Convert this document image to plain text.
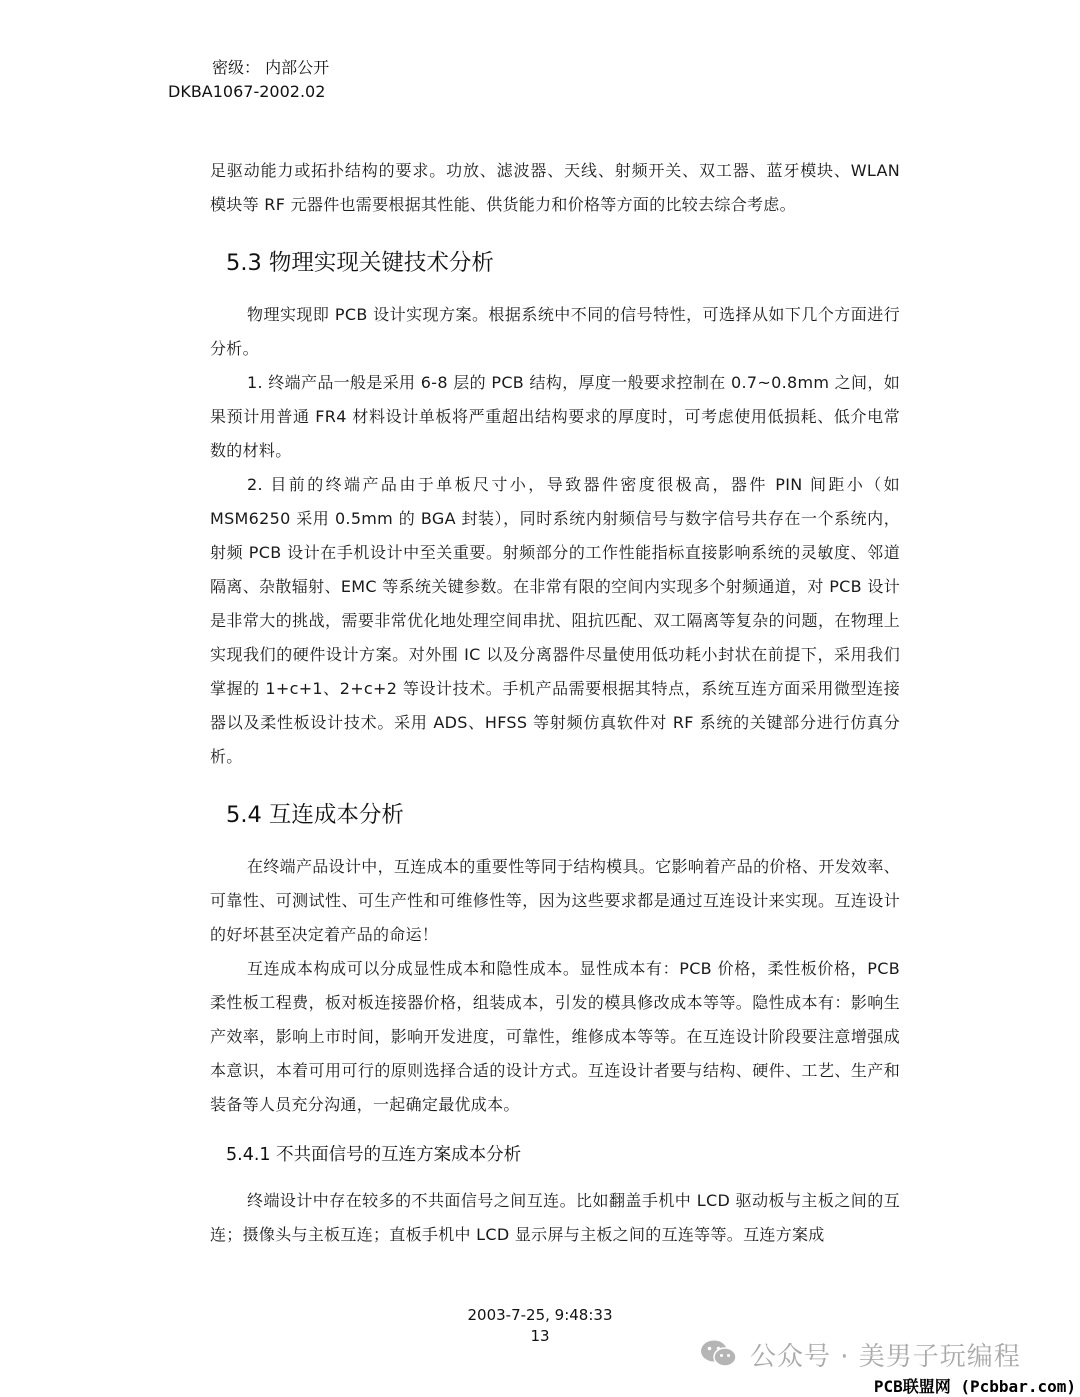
密级： 内部公开
DKBA1067-2002.02

足驱动能力或拓扑结构的要求。功放、滤波器、天线、射频开关、双工器、蓝牙模块、WLAN 模块等 RF 元器件也需要根据其性能、供货能力和价格等方面的比较去综合考虑。

5.3 物理实现关键技术分析

物理实现即 PCB 设计实现方案。根据系统中不同的信号特性，可选择从如下几个方面进行分析。

1. 终端产品一般是采用 6-8 层的 PCB 结构，厚度一般要求控制在 0.7~0.8mm 之间，如果预计用普通 FR4 材料设计单板将严重超出结构要求的厚度时，可考虑使用低损耗、低介电常数的材料。

2. 目前的终端产品由于单板尺寸小，导致器件密度很极高，器件 PIN 间距小（如 MSM6250 采用 0.5mm 的 BGA 封装），同时系统内射频信号与数字信号共存在一个系统内，射频 PCB 设计在手机设计中至关重要。射频部分的工作性能指标直接影响系统的灵敏度、邻道隔离、杂散辐射、EMC 等系统关键参数。在非常有限的空间内实现多个射频通道，对 PCB 设计是非常大的挑战，需要非常优化地处理空间串扰、阻抗匹配、双工隔离等复杂的问题，在物理上实现我们的硬件设计方案。对外围 IC 以及分离器件尽量使用低功耗小封状在前提下，采用我们掌握的 1+c+1、2+c+2 等设计技术。手机产品需要根据其特点，系统互连方面采用微型连接器以及柔性板设计技术。采用 ADS、HFSS 等射频仿真软件对 RF 系统的关键部分进行仿真分析。

5.4 互连成本分析

在终端产品设计中，互连成本的重要性等同于结构模具。它影响着产品的价格、开发效率、可靠性、可测试性、可生产性和可维修性等，因为这些要求都是通过互连设计来实现。互连设计的好坏甚至决定着产品的命运！

互连成本构成可以分成显性成本和隐性成本。显性成本有：PCB 价格，柔性板价格，PCB 柔性板工程费，板对板连接器价格，组装成本，引发的模具修改成本等等。隐性成本有：影响生产效率，影响上市时间，影响开发进度，可靠性，维修成本等等。在互连设计阶段要注意增强成本意识，本着可用可行的原则选择合适的设计方式。互连设计者要与结构、硬件、工艺、生产和装备等人员充分沟通，一起确定最优成本。

5.4.1 不共面信号的互连方案成本分析

终端设计中存在较多的不共面信号之间互连。比如翻盖手机中 LCD 驱动板与主板之间的互连；摄像头与主板互连；直板手机中 LCD 显示屏与主板之间的互连等等。互连方案成

2003-7-25, 9:48:33
13
公众号 · 美男子玩编程
PCB联盟网 (Pcbbar.com)
